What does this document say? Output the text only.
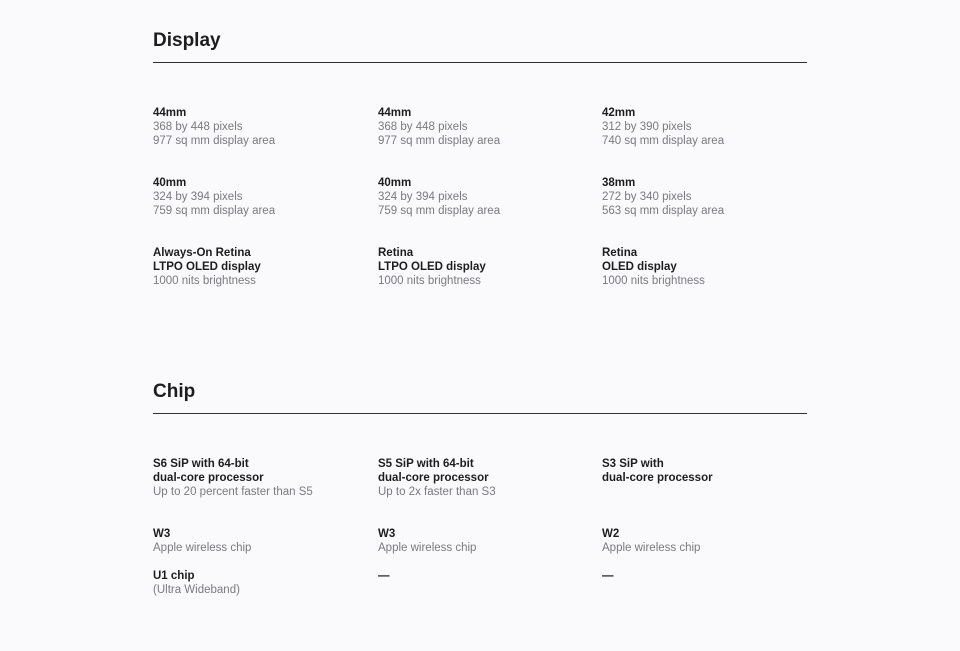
Display
44mm
368 by 448 pixels
977 sq mm display area
44mm
368 by 448 pixels
977 sq mm display area
42mm
312 by 390 pixels
740 sq mm display area
40mm
324 by 394 pixels
759 sq mm display area
40mm
324 by 394 pixels
759 sq mm display area
38mm
272 by 340 pixels
563 sq mm display area
Always-On Retina
LTPO OLED display
1000 nits brightness
Retina
LTPO OLED display
1000 nits brightness
Retina
OLED display
1000 nits brightness
Chip
S6 SiP with 64-bit
dual-core processor
Up to 20 percent faster than S5
S5 SiP with 64-bit
dual-core processor
Up to 2x faster than S3
S3 SiP with
dual-core processor
W3
Apple wireless chip
W3
Apple wireless chip
W2
Apple wireless chip
U1 chip
(Ultra Wideband)
—	—
